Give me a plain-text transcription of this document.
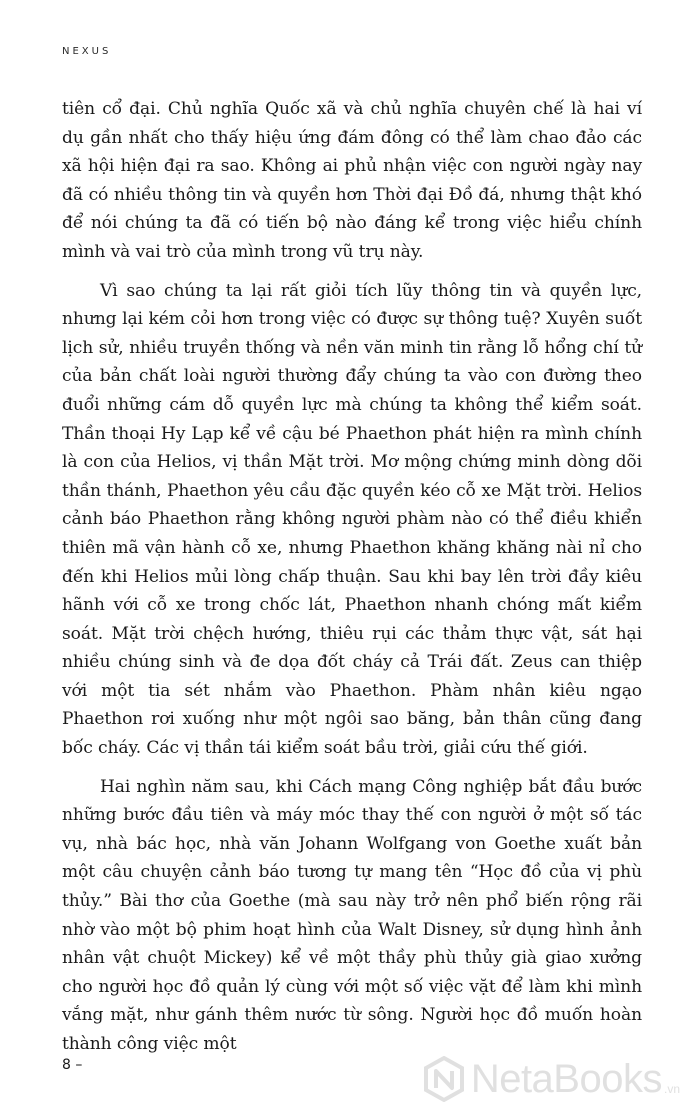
NEXUS

tiên cổ đại. Chủ nghĩa Quốc xã và chủ nghĩa chuyên chế là hai ví dụ gần nhất cho thấy hiệu ứng đám đông có thể làm chao đảo các xã hội hiện đại ra sao. Không ai phủ nhận việc con người ngày nay đã có nhiều thông tin và quyền hơn Thời đại Đồ đá, nhưng thật khó để nói chúng ta đã có tiến bộ nào đáng kể trong việc hiểu chính mình và vai trò của mình trong vũ trụ này.

Vì sao chúng ta lại rất giỏi tích lũy thông tin và quyền lực, nhưng lại kém cỏi hơn trong việc có được sự thông tuệ? Xuyên suốt lịch sử, nhiều truyền thống và nền văn minh tin rằng lỗ hổng chí tử của bản chất loài người thường đẩy chúng ta vào con đường theo đuổi những cám dỗ quyền lực mà chúng ta không thể kiểm soát. Thần thoại Hy Lạp kể về cậu bé Phaethon phát hiện ra mình chính là con của Helios, vị thần Mặt trời. Mơ mộng chứng minh dòng dõi thần thánh, Phaethon yêu cầu đặc quyền kéo cỗ xe Mặt trời. Helios cảnh báo Phaethon rằng không người phàm nào có thể điều khiển thiên mã vận hành cỗ xe, nhưng Phaethon khăng khăng nài nỉ cho đến khi Helios mủi lòng chấp thuận. Sau khi bay lên trời đầy kiêu hãnh với cỗ xe trong chốc lát, Phaethon nhanh chóng mất kiểm soát. Mặt trời chệch hướng, thiêu rụi các thảm thực vật, sát hại nhiều chúng sinh và đe dọa đốt cháy cả Trái đất. Zeus can thiệp với một tia sét nhắm vào Phaethon. Phàm nhân kiêu ngạo Phaethon rơi xuống như một ngôi sao băng, bản thân cũng đang bốc cháy. Các vị thần tái kiểm soát bầu trời, giải cứu thế giới.

Hai nghìn năm sau, khi Cách mạng Công nghiệp bắt đầu bước những bước đầu tiên và máy móc thay thế con người ở một số tác vụ, nhà bác học, nhà văn Johann Wolfgang von Goethe xuất bản một câu chuyện cảnh báo tương tự mang tên “Học đồ của vị phù thủy.” Bài thơ của Goethe (mà sau này trở nên phổ biến rộng rãi nhờ vào một bộ phim hoạt hình của Walt Disney, sử dụng hình ảnh nhân vật chuột Mickey) kể về một thầy phù thủy già giao xưởng cho người học đồ quản lý cùng với một số việc vặt để làm khi mình vắng mặt, như gánh thêm nước từ sông. Người học đồ muốn hoàn thành công việc một

8 –	NetaBooks .vn
